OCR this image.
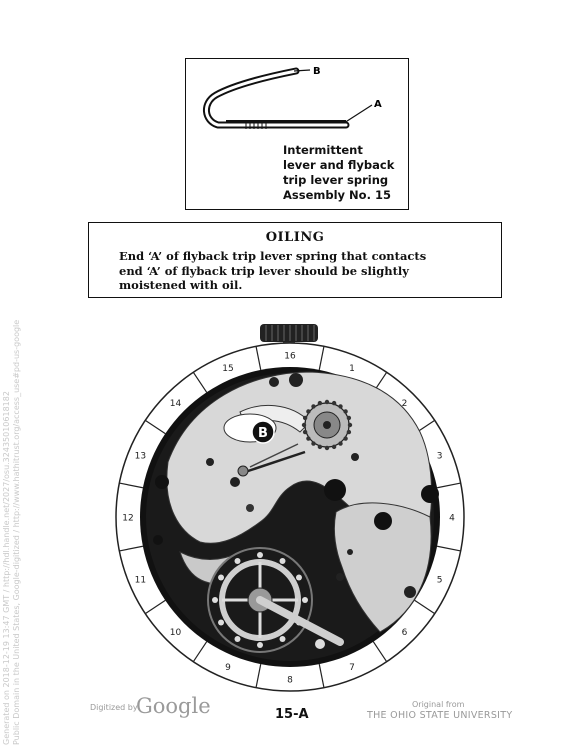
B
A
Intermittent
lever and flyback
trip lever spring
Assembly No. 15
OILING
End ‘A’ of flyback trip lever spring that contacts
end ‘A’ of flyback trip lever should be slightly
moistened with oil.
1
2
3
4
5
6
7
8
9
10
11
12
13
14
15
16
B
Generated on 2018-12-19 13:47 GMT / http://hdl.handle.net/2027/osu.32435010618182 Public Domain in the United States, Google-digitized / http://www.hathitrust.org/access_use#pd-us-google	Digitized by
Google	15-A
Original from
THE OHIO STATE UNIVERSITY
